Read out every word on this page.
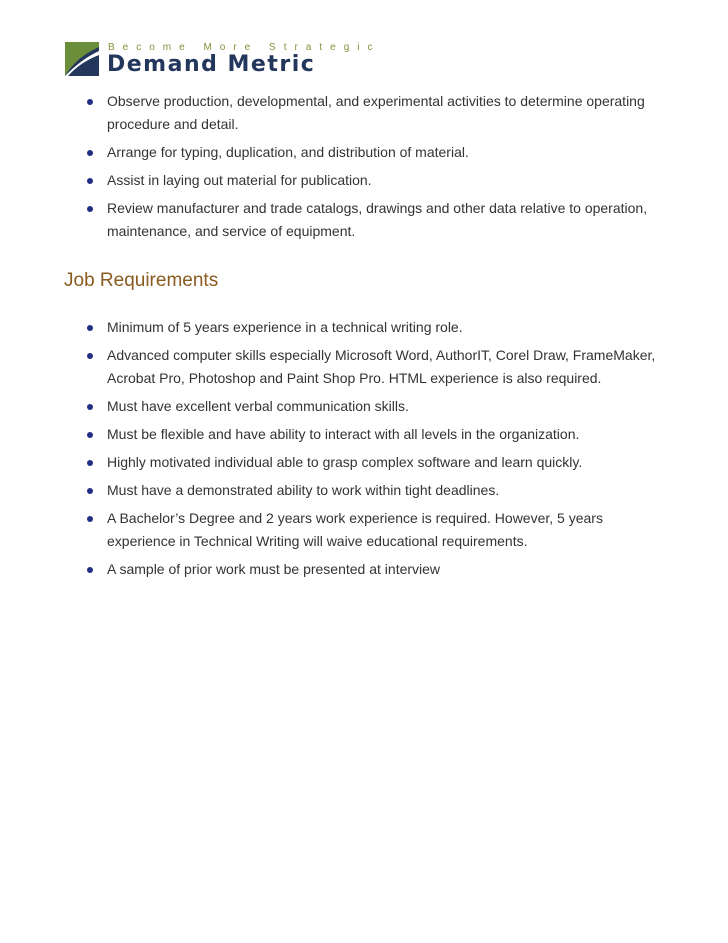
Become More Strategic
Demand Metric
Observe production, developmental, and experimental activities to determine operating procedure and detail.
Arrange for typing, duplication, and distribution of material.
Assist in laying out material for publication.
Review manufacturer and trade catalogs, drawings and other data relative to operation, maintenance, and service of equipment.
Job Requirements
Minimum of 5 years experience in a technical writing role.
Advanced computer skills especially Microsoft Word, AuthorIT, Corel Draw, FrameMaker, Acrobat Pro, Photoshop and Paint Shop Pro. HTML experience is also required.
Must have excellent verbal communication skills.
Must be flexible and have ability to interact with all levels in the organization.
Highly motivated individual able to grasp complex software and learn quickly.
Must have a demonstrated ability to work within tight deadlines.
A Bachelor’s Degree and 2 years work experience is required. However, 5 years experience in Technical Writing will waive educational requirements.
A sample of prior work must be presented at interview
